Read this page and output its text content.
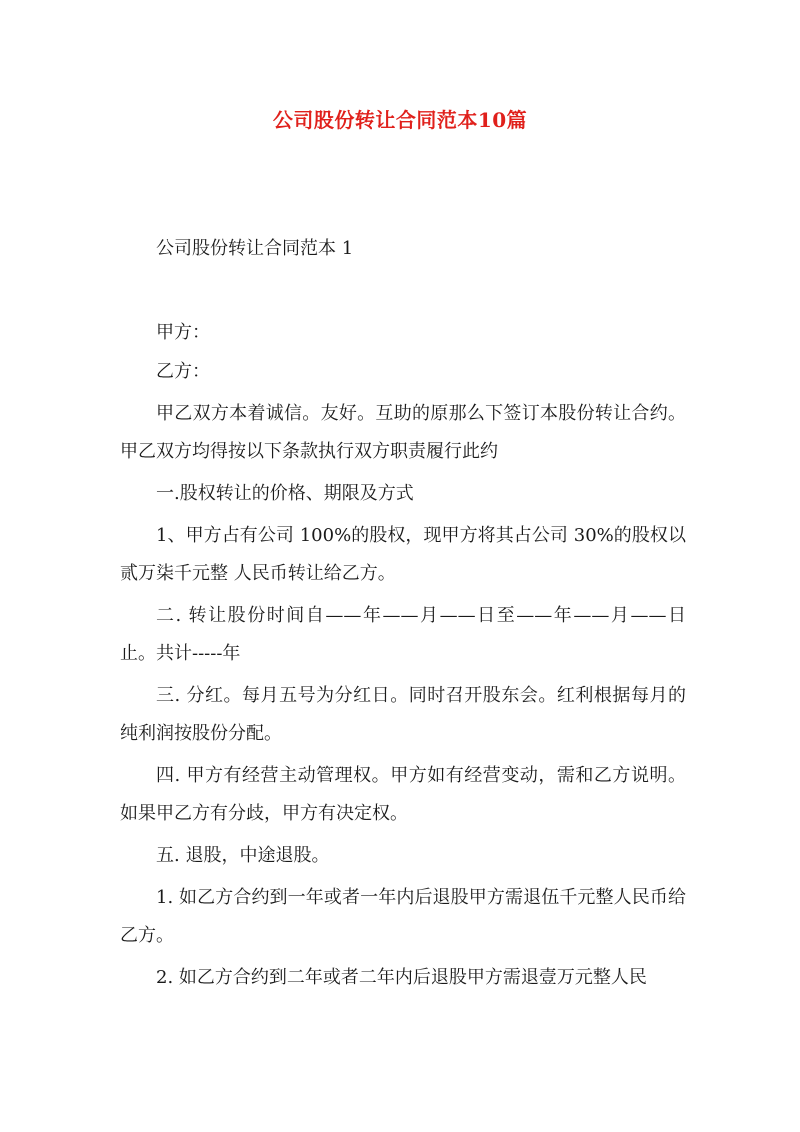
公司股份转让合同范本10篇

公司股份转让合同范本 1

甲方：

乙方：

甲乙双方本着诚信。友好。互助的原那么下签订本股份转让合约。甲乙双方均得按以下条款执行双方职责履行此约

一.股权转让的价格、期限及方式

1、甲方占有公司 100%的股权，现甲方将其占公司 30%的股权以贰万柒千元整 人民币转让给乙方。

二. 转让股份时间自——年——月——日至——年——月——日止。共计-----年

三. 分红。每月五号为分红日。同时召开股东会。红利根据每月的纯利润按股份分配。

四. 甲方有经营主动管理权。甲方如有经营变动，需和乙方说明。如果甲乙方有分歧，甲方有决定权。

五. 退股，中途退股。

1. 如乙方合约到一年或者一年内后退股甲方需退伍千元整人民币给乙方。

2. 如乙方合约到二年或者二年内后退股甲方需退壹万元整人民
